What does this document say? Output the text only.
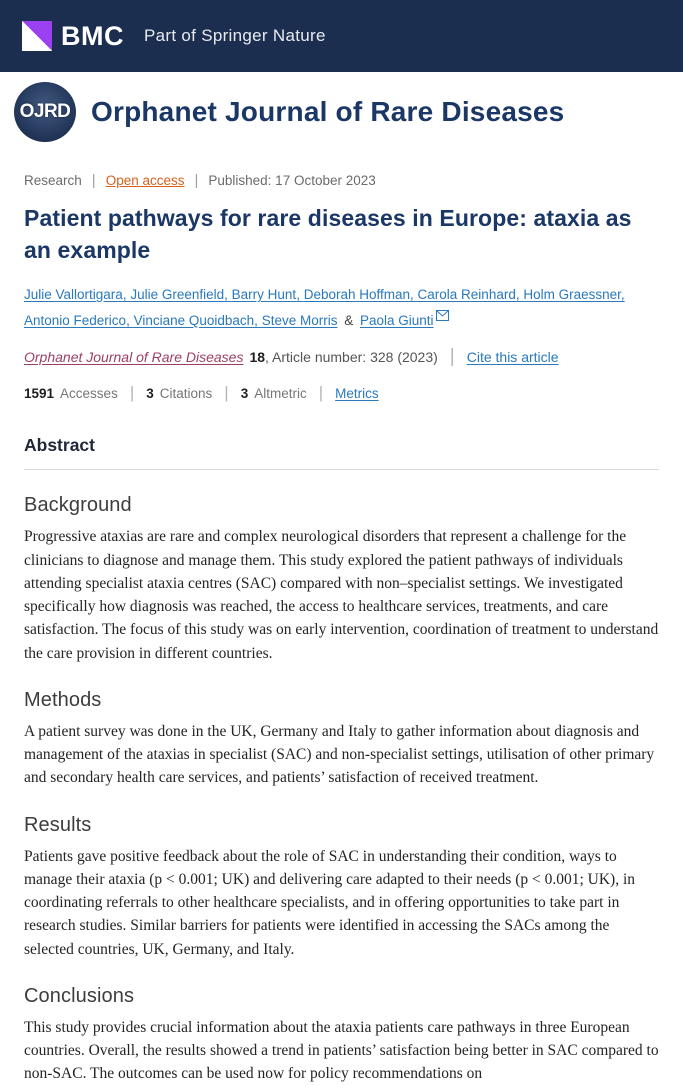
BMC Part of Springer Nature
OJRD Orphanet Journal of Rare Diseases
Research | Open access | Published: 17 October 2023
Patient pathways for rare diseases in Europe: ataxia as an example

Julie Vallortigara , Julie Greenfield , Barry Hunt , Deborah Hoffman , Carola Reinhard , Holm Graessner , Antonio Federico , Vinciane Quoidbach , Steve Morris & Paola Giunti

Orphanet Journal of Rare Diseases 18 , Article number: 328 (2023) | Cite this article
1591 Accesses | 3 Citations | 3 Altmetric | Metrics
Abstract
Background

Progressive ataxias are rare and complex neurological disorders that represent a challenge for the clinicians to diagnose and manage them. This study explored the patient pathways of individuals attending specialist ataxia centres (SAC) compared with non–specialist settings. We investigated specifically how diagnosis was reached, the access to healthcare services, treatments, and care satisfaction. The focus of this study was on early intervention, coordination of treatment to understand the care provision in different countries.

Methods

A patient survey was done in the UK, Germany and Italy to gather information about diagnosis and management of the ataxias in specialist (SAC) and non-specialist settings, utilisation of other primary and secondary health care services, and patients’ satisfaction of received treatment.

Results

Patients gave positive feedback about the role of SAC in understanding their condition, ways to manage their ataxia (p < 0.001; UK) and delivering care adapted to their needs (p < 0.001; UK), in coordinating referrals to other healthcare specialists, and in offering opportunities to take part in research studies. Similar barriers for patients were identified in accessing the SACs among the selected countries, UK, Germany, and Italy.

Conclusions

This study provides crucial information about the ataxia patients care pathways in three European countries. Overall, the results showed a trend in patients’ satisfaction being better in SAC compared to non-SAC. The outcomes can be used now for policy recommendations on
